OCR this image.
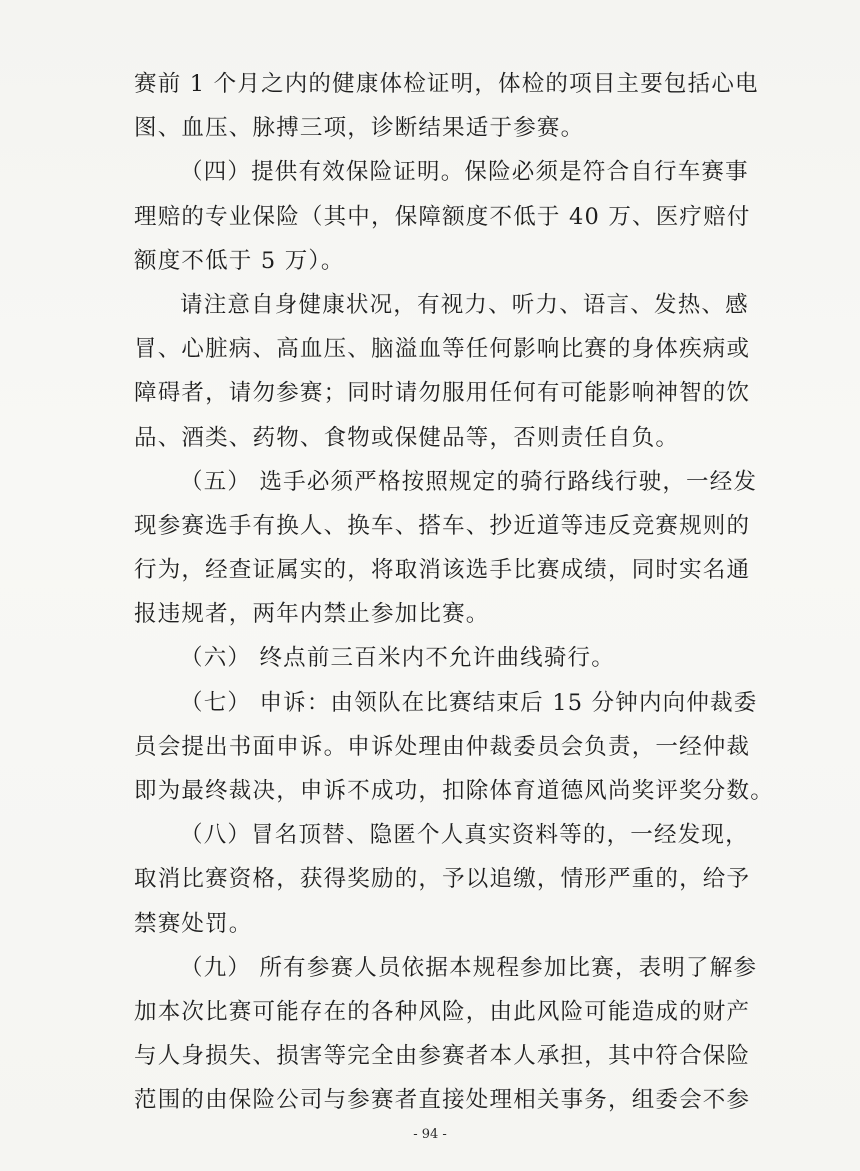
赛前 1 个月之内的健康体检证明，体检的项目主要包括心电
图、血压、脉搏三项，诊断结果适于参赛。
（四）提供有效保险证明。保险必须是符合自行车赛事
理赔的专业保险（其中，保障额度不低于 40 万、医疗赔付
额度不低于 5 万）。
请注意自身健康状况，有视力、听力、语言、发热、感
冒、心脏病、高血压、脑溢血等任何影响比赛的身体疾病或
障碍者，请勿参赛；同时请勿服用任何有可能影响神智的饮
品、酒类、药物、食物或保健品等，否则责任自负。
（五） 选手必须严格按照规定的骑行路线行驶，一经发
现参赛选手有换人、换车、搭车、抄近道等违反竞赛规则的
行为，经查证属实的，将取消该选手比赛成绩，同时实名通
报违规者，两年内禁止参加比赛。
（六） 终点前三百米内不允许曲线骑行。
（七） 申诉：由领队在比赛结束后 15 分钟内向仲裁委
员会提出书面申诉。申诉处理由仲裁委员会负责，一经仲裁
即为最终裁决，申诉不成功，扣除体育道德风尚奖评奖分数。
（八）冒名顶替、隐匿个人真实资料等的，一经发现，
取消比赛资格，获得奖励的，予以追缴，情形严重的，给予
禁赛处罚。
（九） 所有参赛人员依据本规程参加比赛，表明了解参
加本次比赛可能存在的各种风险，由此风险可能造成的财产
与人身损失、损害等完全由参赛者本人承担，其中符合保险
范围的由保险公司与参赛者直接处理相关事务，组委会不参
- 94 -
